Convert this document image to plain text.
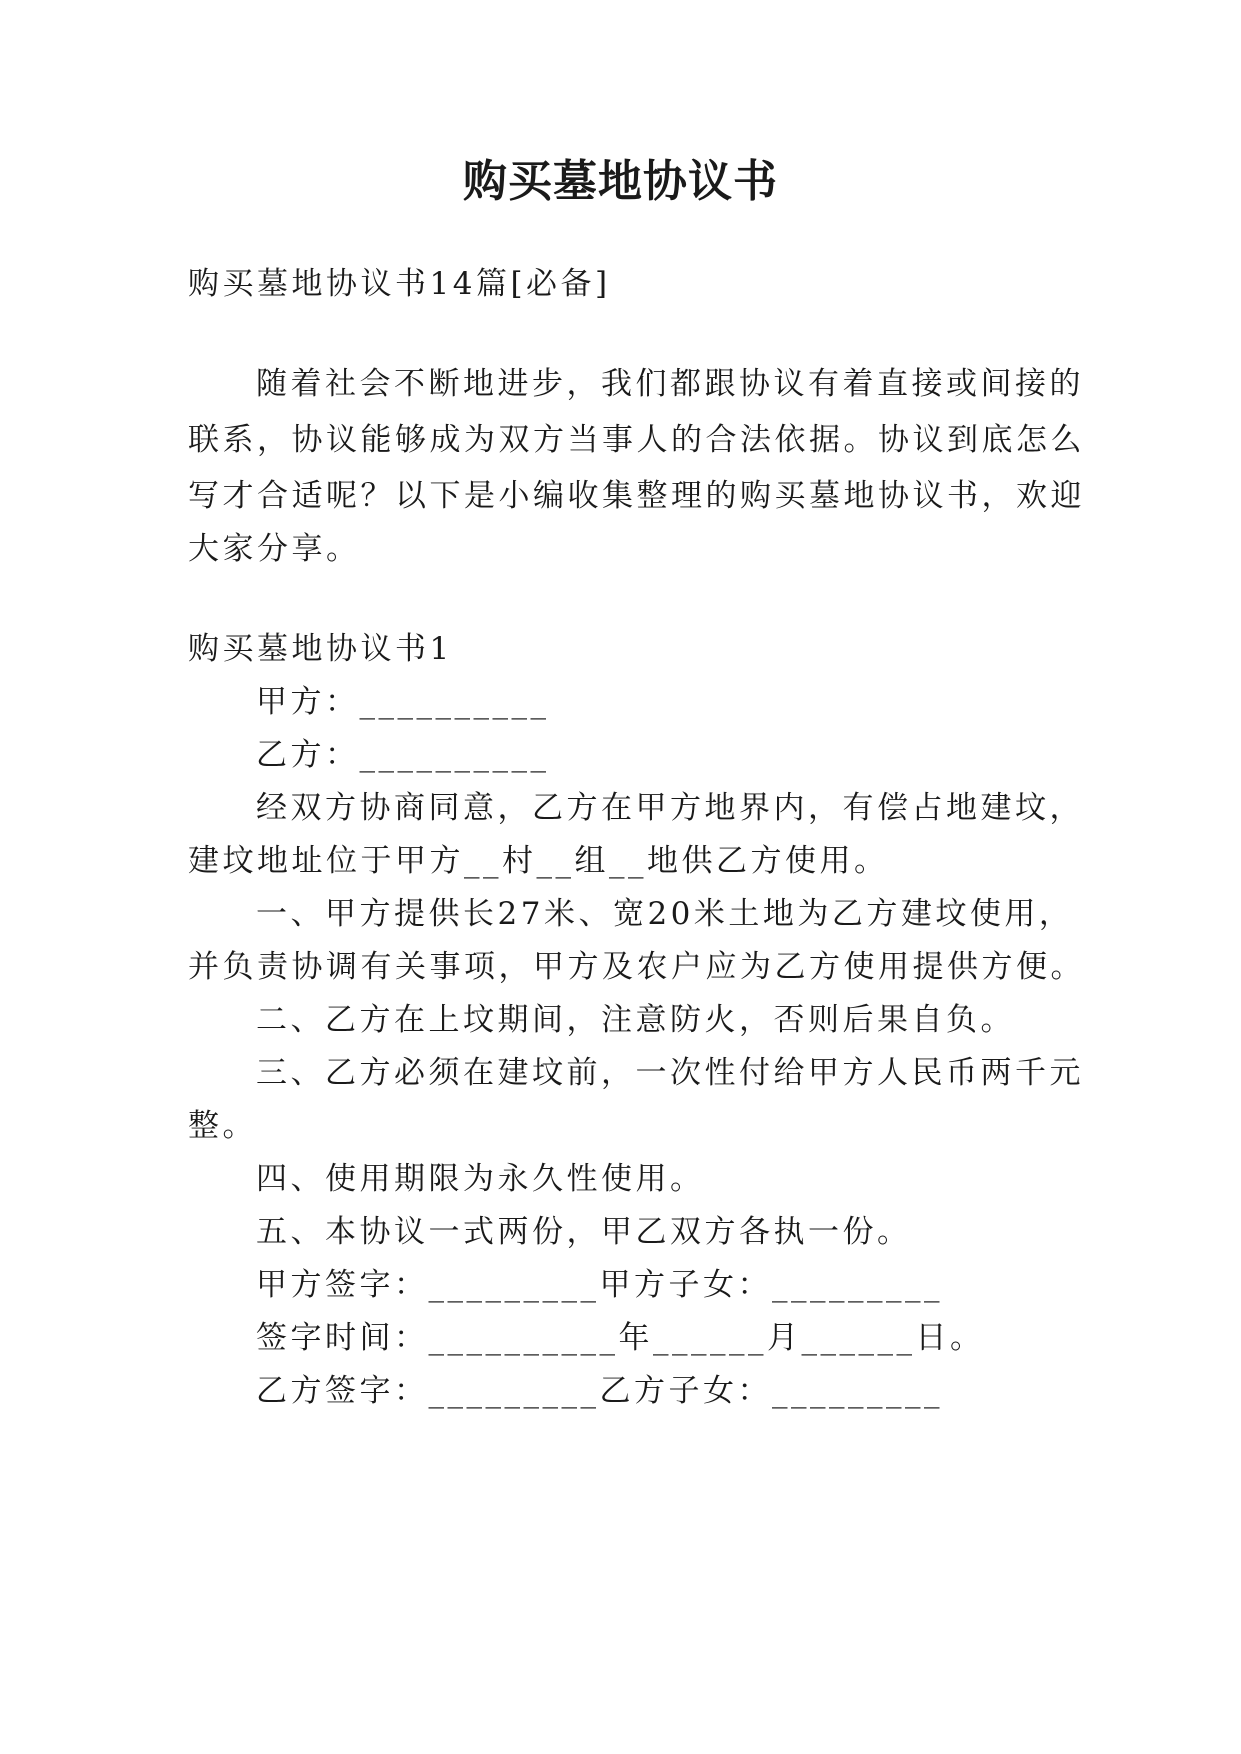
购买墓地协议书
购买墓地协议书14篇[必备]
随着社会不断地进步，我们都跟协议有着直接或间接的
联系，协议能够成为双方当事人的合法依据。协议到底怎么
写才合适呢？以下是小编收集整理的购买墓地协议书，欢迎
大家分享。
购买墓地协议书1
甲方：__________
乙方：__________
经双方协商同意，乙方在甲方地界内，有偿占地建坟，
建坟地址位于甲方__村__组__地供乙方使用。
一、甲方提供长27米、宽20米土地为乙方建坟使用，
并负责协调有关事项，甲方及农户应为乙方使用提供方便。
二、乙方在上坟期间，注意防火，否则后果自负。
三、乙方必须在建坟前，一次性付给甲方人民币两千元
整。
四、使用期限为永久性使用。
五、本协议一式两份，甲乙双方各执一份。
甲方签字：_________甲方子女：_________
签字时间：__________年______月______日。
乙方签字：_________乙方子女：_________
